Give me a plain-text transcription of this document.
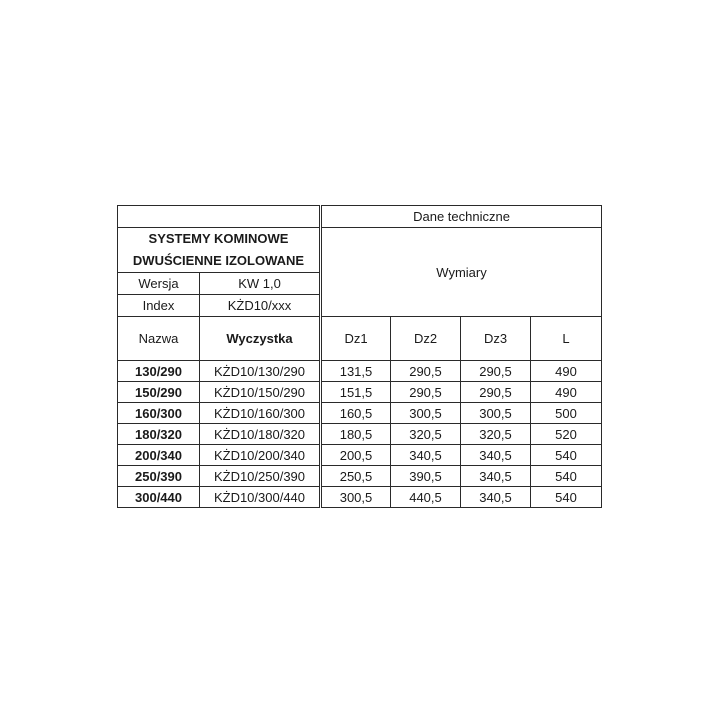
		Dane techniczne			

SYSTEMY KOMINOWE
DWUŚCIENNE IZOLOWANE		Wymiary			
Wersja	KW 1,0				
Index	KŻD10/xxx				
Nazwa	Wyczystka	Dz1	Dz2	Dz3	L
130/290	KŻD10/130/290	131,5	290,5	290,5	490
150/290	KŻD10/150/290	151,5	290,5	290,5	490
160/300	KŻD10/160/300	160,5	300,5	300,5	500
180/320	KŻD10/180/320	180,5	320,5	320,5	520
200/340	KŻD10/200/340	200,5	340,5	340,5	540
250/390	KŻD10/250/390	250,5	390,5	340,5	540
300/440	KŻD10/300/440	300,5	440,5	340,5	540
